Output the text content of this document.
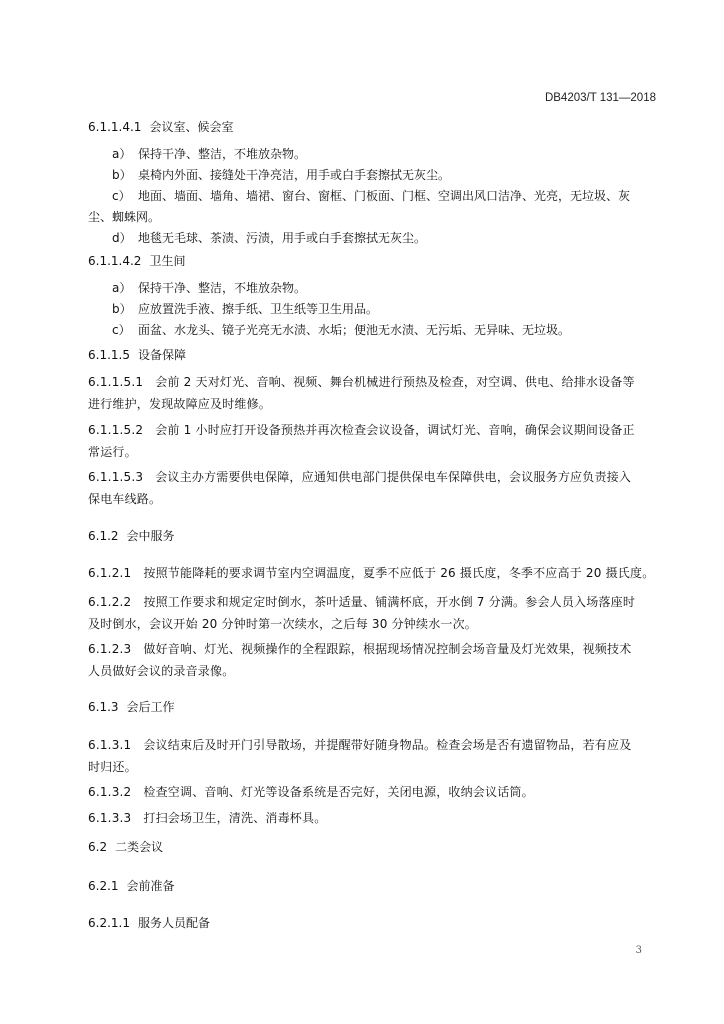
DB4203/T 131—2018
6.1.1.4.1 会议室、候会室
a） 保持干净、整洁，不堆放杂物。
b） 桌椅内外面、接缝处干净亮洁，用手或白手套擦拭无灰尘。
c） 地面、墙面、墙角、墙裙、窗台、窗框、门板面、门框、空调出风口洁净、光亮，无垃圾、灰
尘、蜘蛛网。
d） 地毯无毛球、茶渍、污渍，用手或白手套擦拭无灰尘。
6.1.1.4.2 卫生间
a） 保持干净、整洁，不堆放杂物。
b） 应放置洗手液、擦手纸、卫生纸等卫生用品。
c） 面盆、水龙头、镜子光亮无水渍、水垢；便池无水渍、无污垢、无异味、无垃圾。
6.1.1.5 设备保障
6.1.1.5.1 会前 2 天对灯光、音响、视频、舞台机械进行预热及检查，对空调、供电、给排水设备等
进行维护，发现故障应及时维修。
6.1.1.5.2 会前 1 小时应打开设备预热并再次检查会议设备，调试灯光、音响，确保会议期间设备正
常运行。
6.1.1.5.3 会议主办方需要供电保障，应通知供电部门提供保电车保障供电，会议服务方应负责接入
保电车线路。
6.1.2 会中服务
6.1.2.1 按照节能降耗的要求调节室内空调温度，夏季不应低于 26 摄氏度，冬季不应高于 20 摄氏度。
6.1.2.2 按照工作要求和规定定时倒水，茶叶适量、铺满杯底，开水倒 7 分满。参会人员入场落座时
及时倒水，会议开始 20 分钟时第一次续水，之后每 30 分钟续水一次。
6.1.2.3 做好音响、灯光、视频操作的全程跟踪，根据现场情况控制会场音量及灯光效果，视频技术
人员做好会议的录音录像。
6.1.3 会后工作
6.1.3.1 会议结束后及时开门引导散场，并提醒带好随身物品。检查会场是否有遗留物品，若有应及
时归还。
6.1.3.2 检查空调、音响、灯光等设备系统是否完好，关闭电源，收纳会议话筒。
6.1.3.3 打扫会场卫生，清洗、消毒杯具。
6.2 二类会议
6.2.1 会前准备
6.2.1.1 服务人员配备
3
